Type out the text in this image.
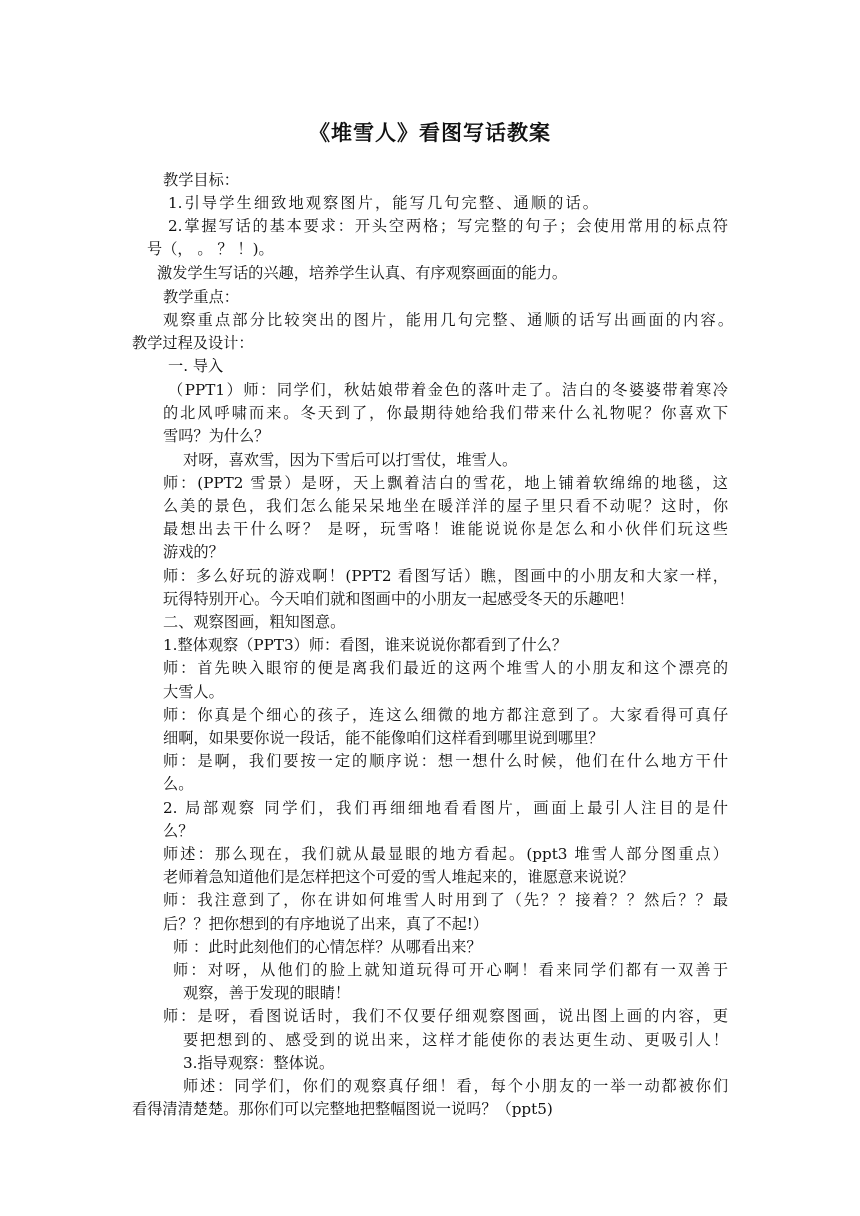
《堆雪人》看图写话教案
教学目标：
1.引导学生细致地观察图片，能写几句完整、通顺的话。
2.掌握写话的基本要求：开头空两格；写完整的句子；会使用常用的标点符
号（， 。 ？ ！)。
激发学生写话的兴趣，培养学生认真、有序观察画面的能力。
教学重点：
观察重点部分比较突出的图片，能用几句完整、通顺的话写出画面的内容。
教学过程及设计：
一. 导入
（PPT1）师：同学们，秋姑娘带着金色的落叶走了。洁白的冬婆婆带着寒冷
的北风呼啸而来。冬天到了，你最期待她给我们带来什么礼物呢？你喜欢下
雪吗？为什么？
对呀，喜欢雪，因为下雪后可以打雪仗，堆雪人。
师：(PPT2 雪景）是呀，天上飘着洁白的雪花，地上铺着软绵绵的地毯，这
么美的景色，我们怎么能呆呆地坐在暖洋洋的屋子里只看不动呢？这时，你
最想出去干什么呀？ 是呀，玩雪咯！谁能说说你是怎么和小伙伴们玩这些
游戏的？
师：多么好玩的游戏啊！(PPT2 看图写话）瞧，图画中的小朋友和大家一样，
玩得特别开心。今天咱们就和图画中的小朋友一起感受冬天的乐趣吧！
二、观察图画，粗知图意。
1.整体观察（PPT3）师：看图，谁来说说你都看到了什么？
师：首先映入眼帘的便是离我们最近的这两个堆雪人的小朋友和这个漂亮的
大雪人。
师：你真是个细心的孩子，连这么细微的地方都注意到了。大家看得可真仔
细啊，如果要你说一段话，能不能像咱们这样看到哪里说到哪里？
师：是啊，我们要按一定的顺序说：想一想什么时候，他们在什么地方干什
么。
2. 局部观察 同学们，我们再细细地看看图片，画面上最引人注目的是什
么？
师述：那么现在，我们就从最显眼的地方看起。(ppt3 堆雪人部分图重点）
老师着急知道他们是怎样把这个可爱的雪人堆起来的，谁愿意来说说？
师：我注意到了，你在讲如何堆雪人时用到了（先？？接着？？然后？？最
后？？把你想到的有序地说了出来，真了不起!）
师 ：此时此刻他们的心情怎样？从哪看出来？
师：对呀，从他们的脸上就知道玩得可开心啊！看来同学们都有一双善于
观察，善于发现的眼睛！
师：是呀，看图说话时，我们不仅要仔细观察图画，说出图上画的内容，更
要把想到的、感受到的说出来，这样才能使你的表达更生动、更吸引人！
3.指导观察：整体说。
师述：同学们，你们的观察真仔细！看，每个小朋友的一举一动都被你们
看得清清楚楚。那你们可以完整地把整幅图说一说吗？（ppt5)
